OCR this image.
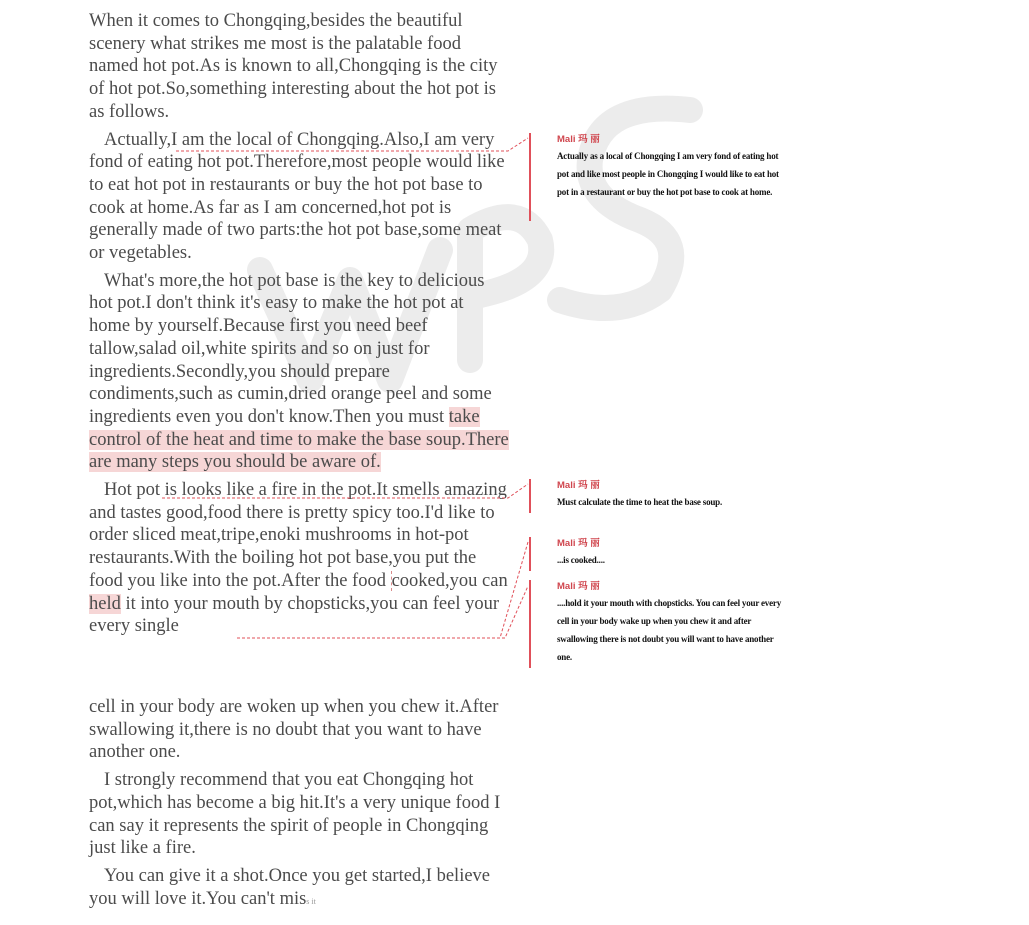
When it comes to Chongqing,besides the beautiful scenery what strikes me most is the palatable food named hot pot.As is known to all,Chongqing is the city of hot pot.So,something interesting about the hot pot is as follows.

Actually,I am the local of Chongqing.Also,I am very fond of eating hot pot.Therefore,most people would like to eat hot pot in restaurants or buy the hot pot base to cook at home.As far as I am concerned,hot pot is generally made of two parts:the hot pot base,some meat or vegetables.

What's more,the hot pot base is the key to delicious hot pot.I don't think it's easy to make the hot pot at home by yourself.Because first you need beef tallow,salad oil,white spirits and so on just for ingredients.Secondly,you should prepare condiments,such as cumin,dried orange peel and some ingredients even you don't know.Then you must take control of the heat and time to make the base soup.There are many steps you should be aware of.

Hot pot is looks like a fire in the pot.It smells amazing and tastes good,food there is pretty spicy too.I'd like to order sliced meat,tripe,enoki mushrooms in hot-pot restaurants.With the boiling hot pot base,you put the food you like into the pot.After the food cooked,you can held it into your mouth by chopsticks,you can feel your every single

cell in your body are woken up when you chew it.After swallowing it,there is no doubt that you want to have another one.

I strongly recommend that you eat Chongqing hot pot,which has become a big hit.It's a very unique food I can say it represents the spirit of people in Chongqing just like a fire.

You can give it a shot.Once you get started,I believe you will love it.You can't miss it

Mali 玛 丽
Actually as a local of Chongqing I am very fond of eating hot pot and like most people in Chongqing I would like to eat hot pot in a restaurant or buy the hot pot base to cook at home.
Mali 玛 丽
Must calculate the time to heat the base soup.
Mali 玛 丽
...is cooked....
Mali 玛 丽
....hold it your mouth with chopsticks. You can feel your every cell in your body wake up when you chew it and after swallowing there is not doubt you will want to have another one.
